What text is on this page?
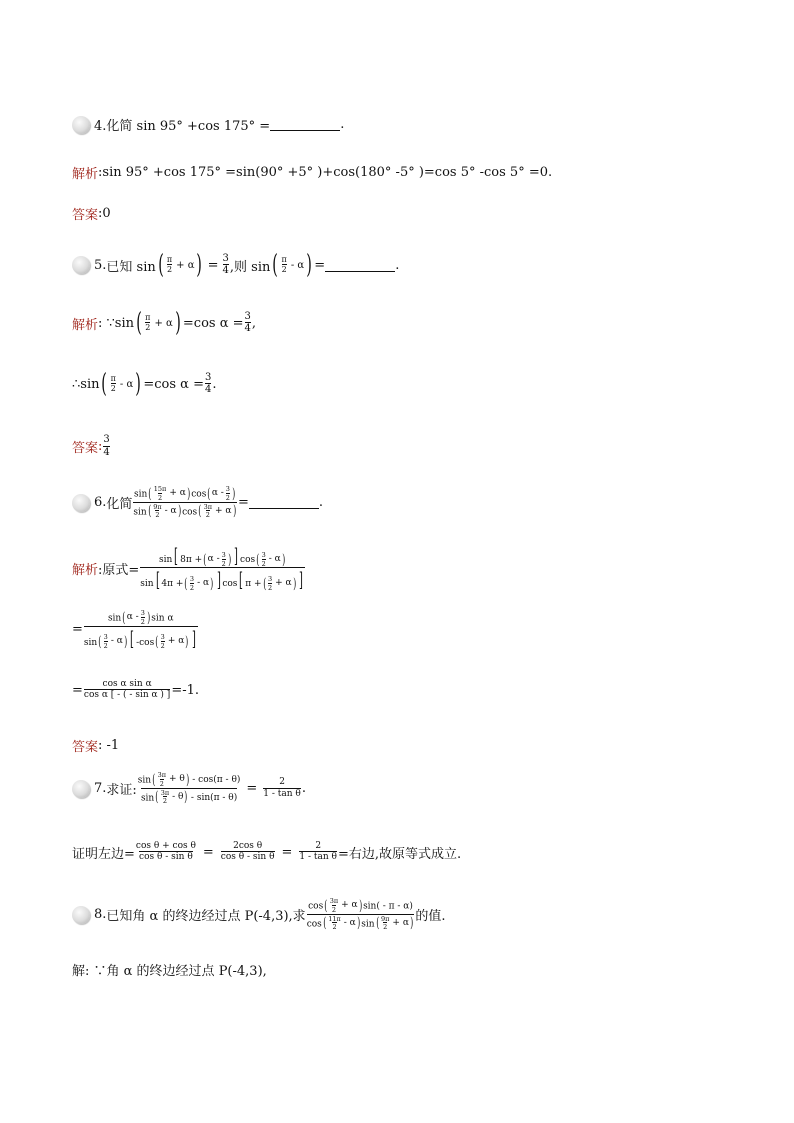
4.化简 sin 95° +cos 175° =	.
解析 :sin 95° +cos 175° =sin(90° +5° )+cos(180° -5° )=cos 5° -cos 5° =0.
答案 :0
5. 已知 sin ( $\frac{\pi}{2} + \alpha$ ) = $\frac{3}{4}$ ,则 sin ( $\frac{\pi}{2}$ - α ) =	.
解析 : ∵sin ( $\frac{\pi}{2} + \alpha$ ) =cos $\alpha = \frac{3}{4}$ ,
∴sin ( $\frac{\pi}{2}$ - α ) =cos $\alpha = \frac{3}{4}$ .
答案 : $\frac{3}{4}$
6. 化简 $\frac{\sin ( \frac{15\pi}{2} + \alpha ) \cos ( \alpha - \frac{3}{2} )}{\sin ( \frac{9\pi}{2} - \alpha ) \cos ( \frac{3\pi}{2} + \alpha )}$ =	.
解析 :原式= $\frac{\sin[ 8\pi + ( \alpha - \frac{3}{2} ) ] \cos ( \frac{3}{2} - \alpha )}{\sin[ 4\pi + ( \frac{3}{2} - \alpha ) ] \cos[ \pi + ( \frac{3}{2} + \alpha ) ]}$
= $\frac{\sin ( \alpha - \frac{3}{2} ) \sin \alpha}{\sin ( \frac{3}{2} - \alpha ) [ -\cos ( \frac{3}{2} + \alpha ) ]}$
= $\frac{\text{cos α sin α}}{\text{cos α [ - ( - sin α ) ]}} =-1$.
答案 : -1
7. 求证: $\frac{\sin ( \frac{3\pi}{2} + \theta ) - \cos(\pi - \theta)}{\sin ( \frac{3\pi}{2} - \theta ) - \sin(\pi - \theta)} = \frac{2}{\text{1 - tan θ}}$ .
证明左边= $\frac{\text{cos θ + cos θ}}{\text{cos θ - sin θ}} = \frac{\text{2cos θ}}{\text{cos θ - sin θ}} = \frac{2}{\text{1 - tan θ}}$ =右边,故原等式成立.
8. 已知角 α 的终边经过点 P(-4,3),求 $\frac{\cos ( \frac{3\pi}{2} + \alpha ) \sin( - \pi - \alpha)}{\cos ( \frac{11\pi}{2} - \alpha ) \sin ( \frac{9\pi}{2} + \alpha )}$ 的值.
解: ∵角 α 的终边经过点 P(-4,3),
